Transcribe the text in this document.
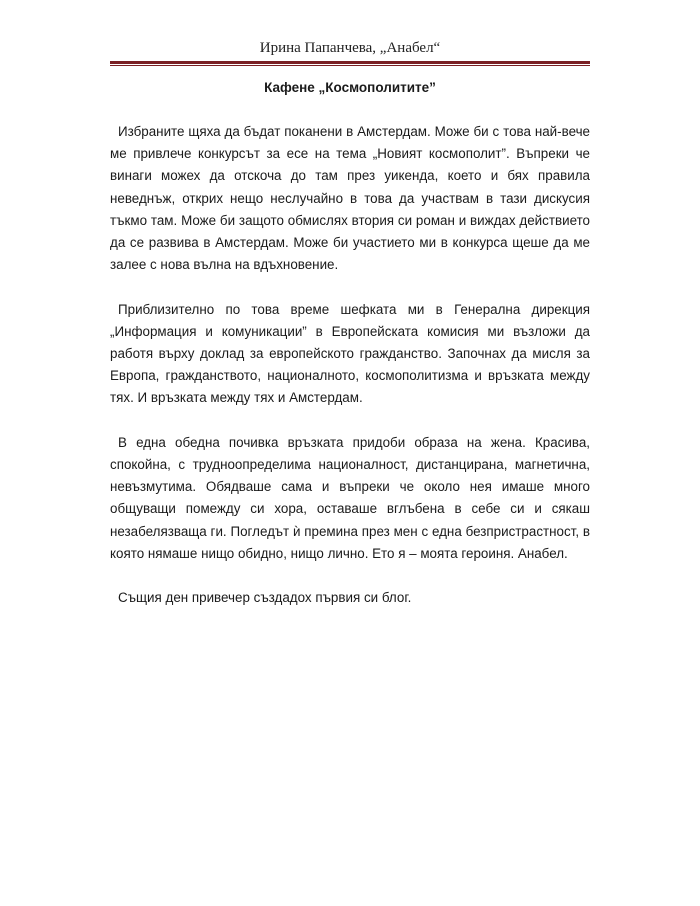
Ирина Папанчева, „Анабел“
Кафене „Космополитите”

Избраните щяха да бъдат поканени в Амстердам. Може би с това най-вече ме привлече конкурсът за есе на тема „Новият космополит”. Въпреки че винаги можех да отскоча до там през уикенда, което и бях правила неведнъж, открих нещо неслучайно в това да участвам в тази дискусия тъкмо там. Може би защото обмислях втория си роман и виждах действието да се развива в Амстердам. Може би участието ми в конкурса щеше да ме залее с нова вълна на вдъхновение.

Приблизително по това време шефката ми в Генерална дирекция „Информация и комуникации” в Европейската комисия ми възложи да работя върху доклад за европейското гражданство. Започнах да мисля за Европа, гражданството, националното, космополитизма и връзката между тях. И връзката между тях и Амстердам.

В една обедна почивка връзката придоби образа на жена. Красива, спокойна, с трудноопределима националност, дистанцирана, магнетична, невъзмутима. Обядваше сама и въпреки че около нея имаше много общуващи помежду си хора, оставаше вглъбена в себе си и сякаш незабелязваща ги. Погледът ѝ премина през мен с една безпристрастност, в която нямаше нищо обидно, нищо лично. Ето я – моята героиня. Анабел.

Същия ден привечер създадох първия си блог.
